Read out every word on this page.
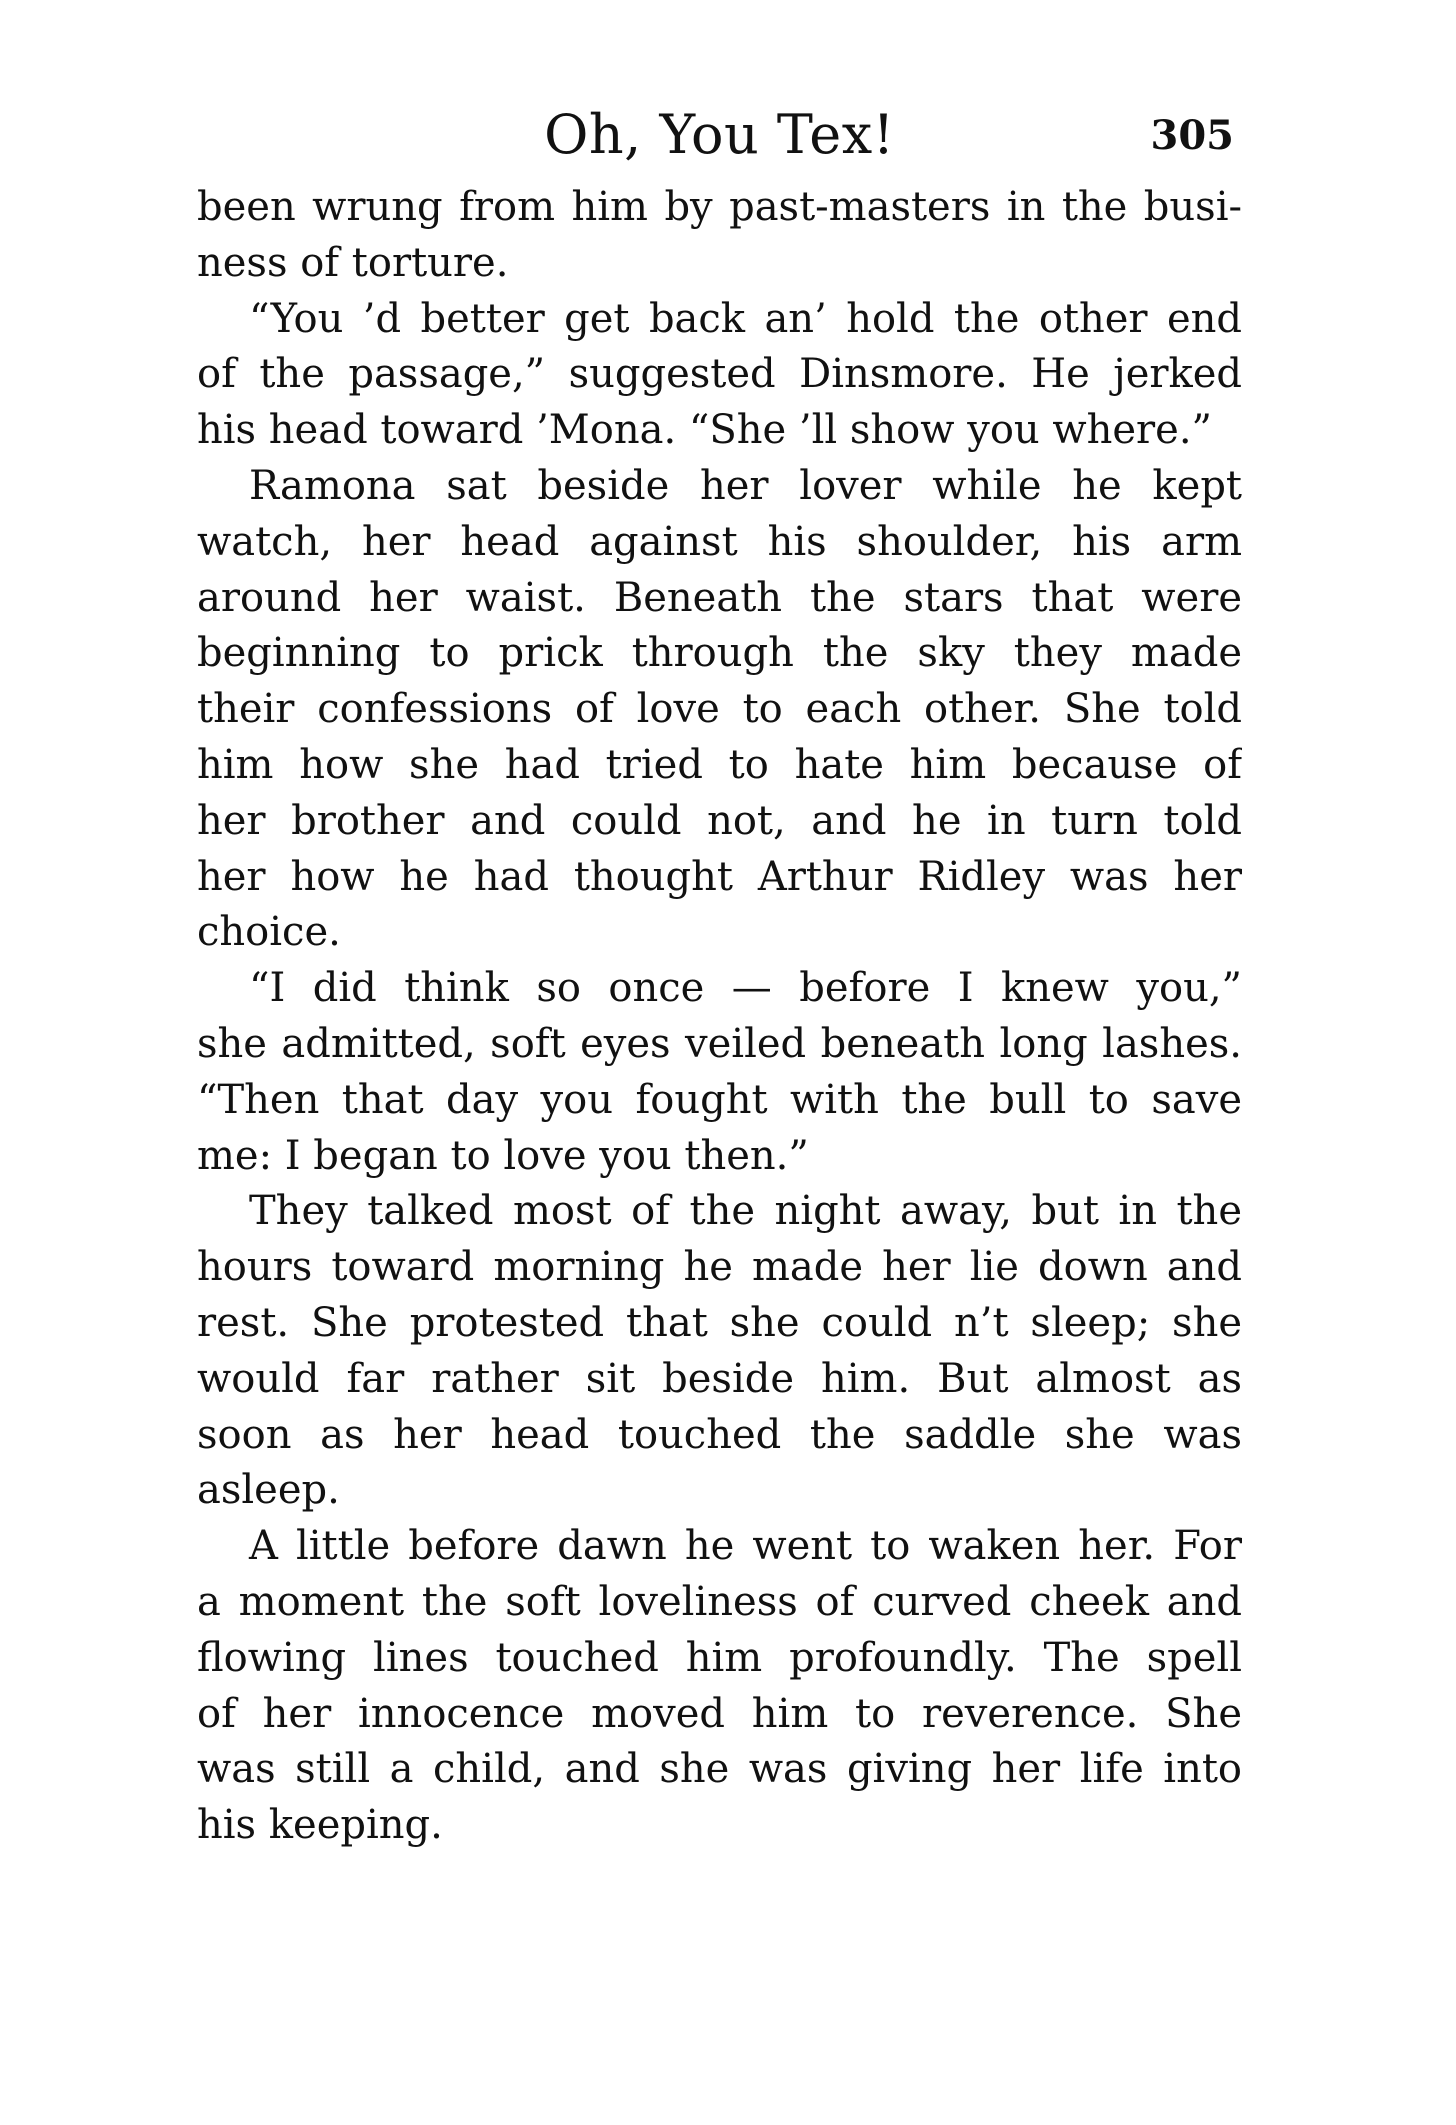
Oh, You Tex!	305
been wrung from him by past-masters in the busi-
ness of torture.
“You ’d better get back an’ hold the other end
of the passage,” suggested Dinsmore. He jerked
his head toward ’Mona. “She ’ll show you where.”
Ramona sat beside her lover while he kept
watch, her head against his shoulder, his arm
around her waist. Beneath the stars that were
beginning to prick through the sky they made
their confessions of love to each other. She told
him how she had tried to hate him because of
her brother and could not, and he in turn told
her how he had thought Arthur Ridley was her
choice.
“I did think so once — before I knew you,”
she admitted, soft eyes veiled beneath long lashes.
“Then that day you fought with the bull to save
me: I began to love you then.”
They talked most of the night away, but in the
hours toward morning he made her lie down and
rest. She protested that she could n’t sleep; she
would far rather sit beside him. But almost as
soon as her head touched the saddle she was
asleep.
A little before dawn he went to waken her. For
a moment the soft loveliness of curved cheek and
flowing lines touched him profoundly. The spell
of her innocence moved him to reverence. She
was still a child, and she was giving her life into
his keeping.
